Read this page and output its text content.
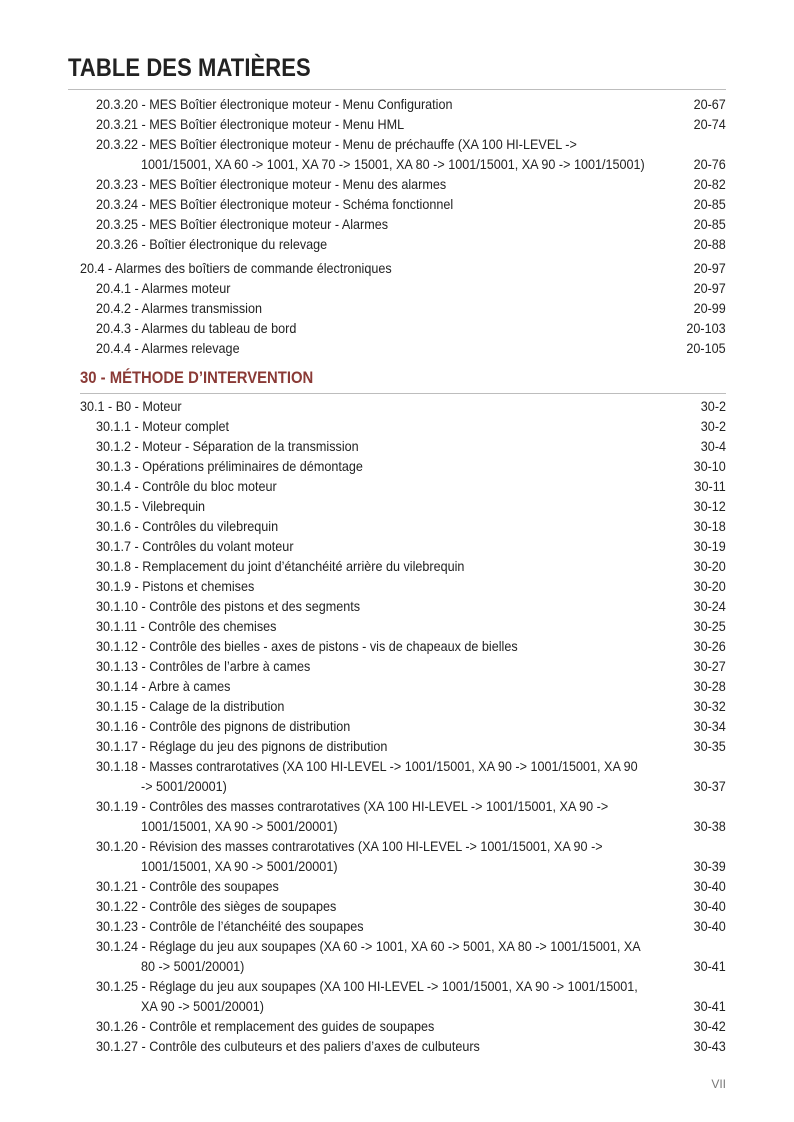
TABLE DES MATIÈRES
20.3.20 - MES Boîtier électronique moteur - Menu Configuration	20-67
20.3.21 - MES Boîtier électronique moteur - Menu HML	20-74
20.3.22 - MES Boîtier électronique moteur - Menu de préchauffe (XA 100 HI-LEVEL ->
1001/15001, XA 60 -> 1001, XA 70 -> 15001, XA 80 -> 1001/15001, XA 90 -> 1001/15001)	20-76
20.3.23 - MES Boîtier électronique moteur - Menu des alarmes	20-82
20.3.24 - MES Boîtier électronique moteur - Schéma fonctionnel	20-85
20.3.25 - MES Boîtier électronique moteur - Alarmes	20-85
20.3.26 - Boîtier électronique du relevage	20-88
20.4 - Alarmes des boîtiers de commande électroniques	20-97
20.4.1 - Alarmes moteur	20-97
20.4.2 - Alarmes transmission	20-99
20.4.3 - Alarmes du tableau de bord	20-103
20.4.4 - Alarmes relevage	20-105
30 - MÉTHODE D’INTERVENTION
30.1 - B0 - Moteur	30-2
30.1.1 - Moteur complet	30-2
30.1.2 - Moteur - Séparation de la transmission	30-4
30.1.3 - Opérations préliminaires de démontage	30-10
30.1.4 - Contrôle du bloc moteur	30-11
30.1.5 - Vilebrequin	30-12
30.1.6 - Contrôles du vilebrequin	30-18
30.1.7 - Contrôles du volant moteur	30-19
30.1.8 - Remplacement du joint d’étanchéité arrière du vilebrequin	30-20
30.1.9 - Pistons et chemises	30-20
30.1.10 - Contrôle des pistons et des segments	30-24
30.1.11 - Contrôle des chemises	30-25
30.1.12 - Contrôle des bielles - axes de pistons - vis de chapeaux de bielles	30-26
30.1.13 - Contrôles de l’arbre à cames	30-27
30.1.14 - Arbre à cames	30-28
30.1.15 - Calage de la distribution	30-32
30.1.16 - Contrôle des pignons de distribution	30-34
30.1.17 - Réglage du jeu des pignons de distribution	30-35
30.1.18 - Masses contrarotatives (XA 100 HI-LEVEL -> 1001/15001, XA 90 -> 1001/15001, XA 90
-> 5001/20001)	30-37
30.1.19 - Contrôles des masses contrarotatives (XA 100 HI-LEVEL -> 1001/15001, XA 90 ->
1001/15001, XA 90 -> 5001/20001)	30-38
30.1.20 - Révision des masses contrarotatives (XA 100 HI-LEVEL -> 1001/15001, XA 90 ->
1001/15001, XA 90 -> 5001/20001)	30-39
30.1.21 - Contrôle des soupapes	30-40
30.1.22 - Contrôle des sièges de soupapes	30-40
30.1.23 - Contrôle de l’étanchéité des soupapes	30-40
30.1.24 - Réglage du jeu aux soupapes (XA 60 -> 1001, XA 60 -> 5001, XA 80 -> 1001/15001, XA
80 -> 5001/20001)	30-41
30.1.25 - Réglage du jeu aux soupapes (XA 100 HI-LEVEL -> 1001/15001, XA 90 -> 1001/15001,
XA 90 -> 5001/20001)	30-41
30.1.26 - Contrôle et remplacement des guides de soupapes	30-42
30.1.27 - Contrôle des culbuteurs et des paliers d’axes de culbuteurs	30-43
VII
